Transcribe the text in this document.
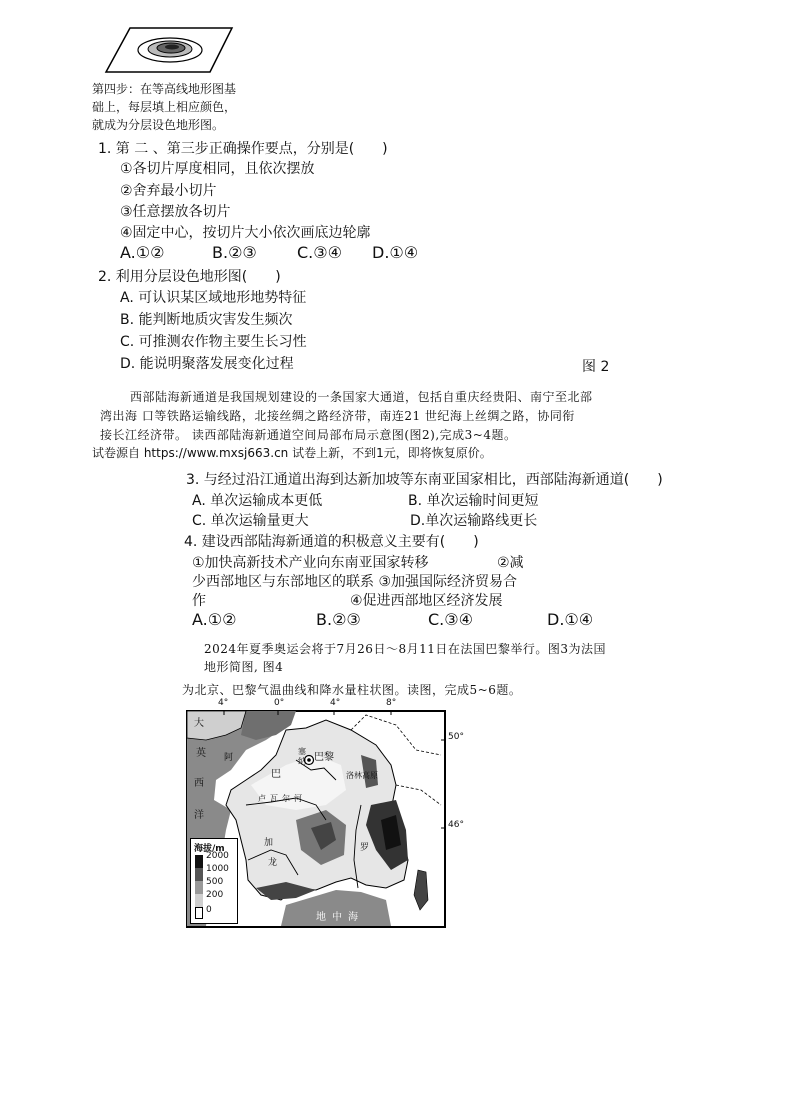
第四步：在等高线地形图基
础上，每层填上相应颜色，
就成为分层设色地形图。
1. 第 二 、第三步正确操作要点，分别是(　　)
①各切片厚度相同，且依次摆放
②舍弃最小切片
③任意摆放各切片
④固定中心，按切片大小依次画底边轮廓
A.①②	B.②③	C.③④ D.①④
2. 利用分层设色地形图(　　)
A. 可认识某区域地形地势特征
B. 能判断地质灾害发生频次
C. 可推测农作物主要生长习性
D. 能说明聚落发展变化过程	图 2
西部陆海新通道是我国规划建设的一条国家大通道，包括自重庆经贵阳、南宁至北部
湾出海 口等铁路运输线路，北接丝绸之路经济带，南连21 世纪海上丝绸之路，协同衔
接长江经济带。 读西部陆海新通道空间局部布局示意图(图2),完成3~4题。
试卷源自 https://www.mxsj663.cn 试卷上新，不到1元，即将恢复原价。
3. 与经过沿江通道出海到达新加坡等东南亚国家相比，西部陆海新通道(　　)
A. 单次运输成本更低	B. 单次运输时间更短
C. 单次运输量更大	D.单次运输路线更长
4. 建设西部陆海新通道的积极意义主要有(　　)
①加快高新技术产业向东南亚国家转移	②减
少西部地区与东部地区的联系 ③加强国际经济贸易合
作	④促进西部地区经济发展
A.①②	B.②③	C.③④	D.①④
2024年夏季奥运会将于7月26日～8月11日在法国巴黎举行。图3为法国
地形简图, 图4
为北京、巴黎气温曲线和降水量柱状图。读图，完成5~6题。
4°	0°	4°	8°
50°
46°
大
英	巴黎
巴
塞
纳
卢 瓦 尔 河
阿
洛林高原
罗
加
龙
地 中 海
西
洋
海拔/m
2000
1000
500
200
0
